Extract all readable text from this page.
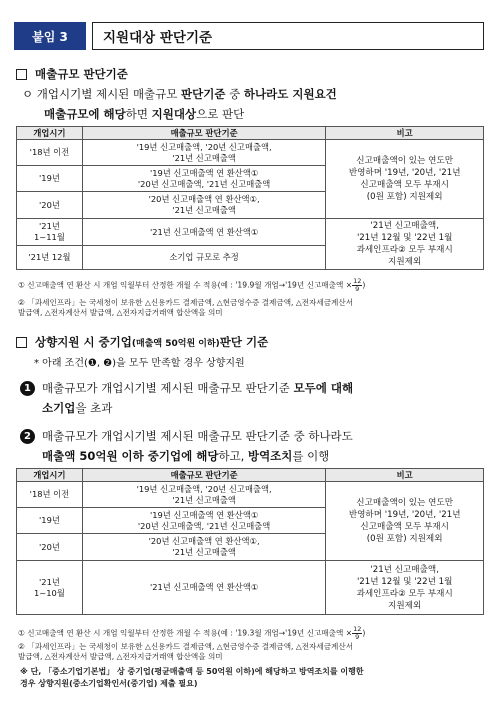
붙임 3	지원대상 판단기준
매출규모 판단기준
ㅇ 개업시기별 제시된 매출규모 판단기준 중 하나라도 지원요건
매출규모에 해당하면 지원대상으로 판단
개업시기	매출규모 판단기준	비고
'18년 이전	'19년 신고매출액, '20년 신고매출액,
'21년 신고매출액	신고매출액이 있는 연도만
반영하며 '19년, '20년, '21년
신고매출액 모두 부재시
(0원 포함) 지원제외
'19년	'19년 신고매출액 연 환산액①
'20년 신고매출액, '21년 신고매출액	
'20년	'20년 신고매출액 연 환산액①,
'21년 신고매출액	
'21년
1~11월	'21년 신고매출액 연 환산액①	'21년 신고매출액,
'21년 12월 및 '22년 1월
과세인프라② 모두 부재시
지원제외
'21년 12월	소기업 규모로 추정	
① 신고매출액 연 환산 시 개업 익월부터 산정한 개월 수 적용(예 : '19.9월 개업→'19년 신고매출액 × $\frac{12}{9}$ )
② 「과세인프라」는 국세청이 보유한 △신용카드 결제금액, △현금영수증 결제금액, △전자세금계산서
발급액, △전자계산서 발급액, △전자지급거래액 합산액을 의미
상향지원 시 중기업 (매출액 50억원 이하) 판단 기준
* 아래 조건(❶, ❷)을 모두 만족할 경우 상향지원
1 매출규모가 개업시기별 제시된 매출규모 판단기준 모두에 대해
소기업을 초과
2 매출규모가 개업시기별 제시된 매출규모 판단기준 중 하나라도
매출액 50억원 이하 중기업에 해당하고, 방역조치를 이행
개업시기	매출규모 판단기준	비고
'18년 이전	'19년 신고매출액, '20년 신고매출액,
'21년 신고매출액	신고매출액이 있는 연도만
반영하며 '19년, '20년, '21년
신고매출액 모두 부재시
(0원 포함) 지원제외
'19년	'19년 신고매출액 연 환산액①
'20년 신고매출액, '21년 신고매출액	
'20년	'20년 신고매출액 연 환산액①,
'21년 신고매출액	
'21년
1~10월	'21년 신고매출액 연 환산액①	'21년 신고매출액,
'21년 12월 및 '22년 1월
과세인프라② 모두 부재시
지원제외
① 신고매출액 연 환산 시 개업 익월부터 산정한 개월 수 적용(예 : '19.3월 개업→'19년 신고매출액 × $\frac{12}{9}$ )
② 「과세인프라」는 국세청이 보유한 △신용카드 결제금액, △현금영수증 결제금액, △전자세금계산서
발급액, △전자계산서 발급액, △전자지급거래액 합산액을 의미
※ 단, 「중소기업기본법」 상 중기업(평균매출액 등 50억원 이하)에 해당하고 방역조치를 이행한
경우 상향지원(중소기업확인서(중기업) 제출 필요)
